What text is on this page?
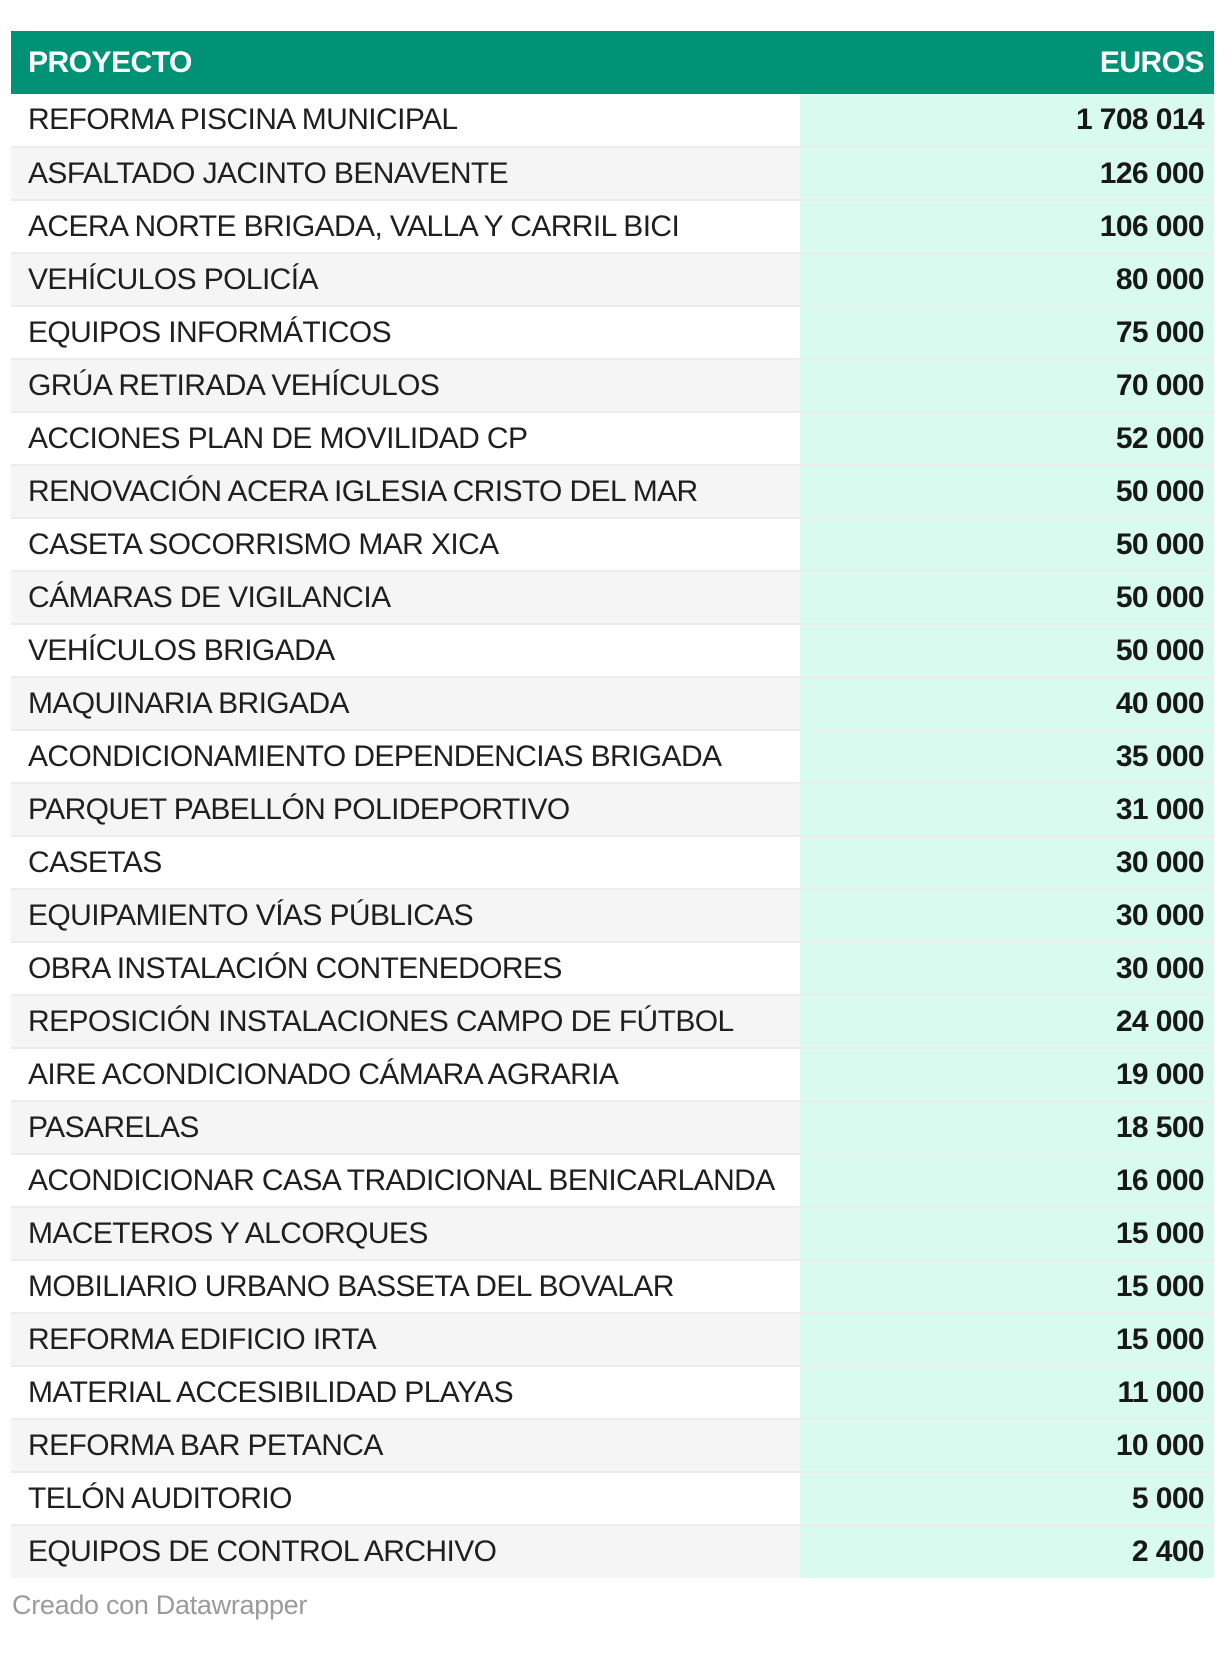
PROYECTO	EUROS
REFORMA PISCINA MUNICIPAL	1 708 014
ASFALTADO JACINTO BENAVENTE	126 000
ACERA NORTE BRIGADA, VALLA Y CARRIL BICI	106 000
VEHÍCULOS POLICÍA	80 000
EQUIPOS INFORMÁTICOS	75 000
GRÚA RETIRADA VEHÍCULOS	70 000
ACCIONES PLAN DE MOVILIDAD CP	52 000
RENOVACIÓN ACERA IGLESIA CRISTO DEL MAR	50 000
CASETA SOCORRISMO MAR XICA	50 000
CÁMARAS DE VIGILANCIA	50 000
VEHÍCULOS BRIGADA	50 000
MAQUINARIA BRIGADA	40 000
ACONDICIONAMIENTO DEPENDENCIAS BRIGADA	35 000
PARQUET PABELLÓN POLIDEPORTIVO	31 000
CASETAS	30 000
EQUIPAMIENTO VÍAS PÚBLICAS	30 000
OBRA INSTALACIÓN CONTENEDORES	30 000
REPOSICIÓN INSTALACIONES CAMPO DE FÚTBOL	24 000
AIRE ACONDICIONADO CÁMARA AGRARIA	19 000
PASARELAS	18 500
ACONDICIONAR CASA TRADICIONAL BENICARLANDA	16 000
MACETEROS Y ALCORQUES	15 000
MOBILIARIO URBANO BASSETA DEL BOVALAR	15 000
REFORMA EDIFICIO IRTA	15 000
MATERIAL ACCESIBILIDAD PLAYAS	11 000
REFORMA BAR PETANCA	10 000
TELÓN AUDITORIO	5 000
EQUIPOS DE CONTROL ARCHIVO	2 400
Creado con Datawrapper
